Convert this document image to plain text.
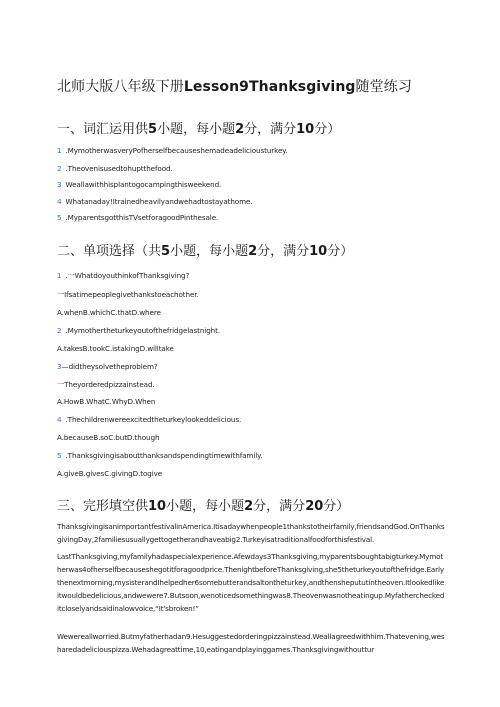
北师大版八年级下册Lesson9Thanksgiving随堂练习
一、词汇运用供5小题，每小题2分，满分10分）
1 .MymotherwasveryPofherselfbecauseshemadeadeliciousturkey.
2 .Theovenisusedtohuptthefood.
3 Weallawithhisplantogocampingthisweekend.
4 Whatanaday!Itrainedheavilyandwehadtostayathome.
5 .MyparentsgotthisTVsetforagoodPinthesale.
二、单项选择（共5小题，每小题2分，满分10分）
1 .一WhatdoyouthinkofThanksgiving?
一Ifsatimepeoplegivethankstoeachother.
A.whenB.whichC.thatD.where
2 .Mymothertheturkeyoutofthefridgelastnight.
A.takesB.tookC.istakingD.willtake
3—didtheysolvetheproblem?
一Theyorderedpizzainstead.
A.HowB.WhatC.WhyD.When
4 .Thechildrenwereexcitedtheturkeylookeddelicious.
A.becauseB.soC.butD.though
5 .Thanksgivingisaboutthanksandspendingtimewithfamily.
A.giveB.givesC.givingD.togive
三、完形填空供10小题，每小题2分，满分20分）
ThanksgivingisanimportantfestivalinAmerica.Itisadaywhenpeople1thankstotheirfamily,friendsandGod.OnThanksgivingDay,2familiesusuallygettogetherandhaveabig2.Turkeyisatraditionalfoodforthisfestival.
LastThanksgiving,myfamilyhadaspecialexperience.Afewdays3Thanksgiving,myparentsboughtabigturkey.Mymotherwas4ofherselfbecauseshegotitforagoodprice.ThenightbeforeThanksgiving,she5theturkeyoutofthefridge.Earlythenextmorning,mysisterandIhelpedher6somebutterandsaltontheturkey,andthenshepututintheoven.Itlookedlikeitwouldbedelicious,andwewere7.Butsoon,wenoticedsomethingwas8.Theovenwasnotheatingup.Myfathercheckeditcloselyandsaidinalowvoice,“It'sbroken!”
Wewereallworried.Butmyfatherhadan9.Hesuggestedorderingpizzainstead.Weallagreedwithhim.Thatevening,wesharedadeliciouspizza.Wehadagreattime,10,eatingandplayinggames.Thanksgivingwithouttur
